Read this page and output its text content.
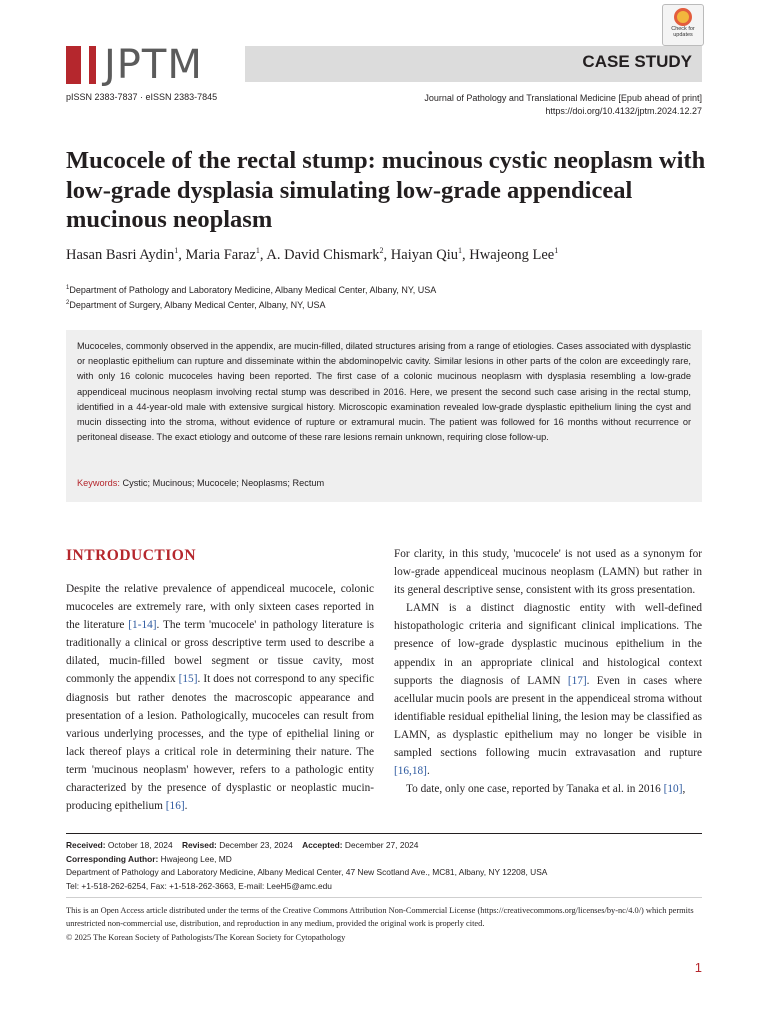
JPTM
Check for
updates
CASE STUDY
pISSN 2383-7837 · eISSN 2383-7845	Journal of Pathology and Translational Medicine [Epub ahead of print]
https://doi.org/10.4132/jptm.2024.12.27
Mucocele of the rectal stump: mucinous cystic neoplasm with low-grade dysplasia simulating low-grade appendiceal mucinous neoplasm
Hasan Basri Aydin$^1$, Maria Faraz$^1$, A. David Chismark$^2$, Haiyan Qiu$^1$, Hwajeong Lee$^1$
$^1$Department of Pathology and Laboratory Medicine, Albany Medical Center, Albany, NY, USA
$^2$Department of Surgery, Albany Medical Center, Albany, NY, USA

Mucoceles, commonly observed in the appendix, are mucin-filled, dilated structures arising from a range of etiologies. Cases associated with dysplastic or neoplastic epithelium can rupture and disseminate within the abdominopelvic cavity. Similar lesions in other parts of the colon are exceedingly rare, with only 16 colonic mucoceles having been reported. The first case of a colonic mucinous neoplasm with dysplasia resembling a low-grade appendiceal mucinous neoplasm involving rectal stump was described in 2016. Here, we present the second such case arising in the rectal stump, identified in a 44-year-old male with extensive surgical history. Microscopic examination revealed low-grade dysplastic epithelium lining the cyst and mucin dissecting into the stroma, without evidence of rupture or extramural mucin. The patient was followed for 16 months without recurrence or peritoneal disease. The exact etiology and outcome of these rare lesions remain unknown, requiring close follow-up.

Keywords: Cystic; Mucinous; Mucocele; Neoplasms; Rectum
INTRODUCTION

Despite the relative prevalence of appendiceal mucocele, colonic mucoceles are extremely rare, with only sixteen cases reported in the literature [1-14]. The term 'mucocele' in pathology literature is traditionally a clinical or gross descriptive term used to describe a dilated, mucin-filled bowel segment or tissue cavity, most commonly the appendix [15]. It does not correspond to any specific diagnosis but rather denotes the macroscopic appearance and presentation of a lesion. Pathologically, mucoceles can result from various underlying processes, and the type of epithelial lining or lack thereof plays a critical role in determining their nature. The term 'mucinous neoplasm' however, refers to a pathologic entity characterized by the presence of dysplastic or neoplastic mucin-producing epithelium [16].

For clarity, in this study, 'mucocele' is not used as a synonym for low-grade appendiceal mucinous neoplasm (LAMN) but rather in its general descriptive sense, consistent with its gross presentation.

LAMN is a distinct diagnostic entity with well-defined histopathologic criteria and significant clinical implications. The presence of low-grade dysplastic mucinous epithelium in the appendix in an appropriate clinical and histological context supports the diagnosis of LAMN [17]. Even in cases where acellular mucin pools are present in the appendiceal stroma without identifiable residual epithelial lining, the lesion may be classified as LAMN, as dysplastic epithelium may no longer be visible in sampled sections following mucin extravasation and rupture [16,18].

To date, only one case, reported by Tanaka et al. in 2016 [10],

Received: October 18, 2024 Revised: December 23, 2024 Accepted: December 27, 2024
Corresponding Author: Hwajeong Lee, MD
Department of Pathology and Laboratory Medicine, Albany Medical Center, 47 New Scotland Ave., MC81, Albany, NY 12208, USA
Tel: +1-518-262-6254, Fax: +1-518-262-3663, E-mail: LeeH5@amc.edu
This is an Open Access article distributed under the terms of the Creative Commons Attribution Non-Commercial License (https://creativecommons.org/licenses/by-nc/4.0/) which permits unrestricted non-commercial use, distribution, and reproduction in any medium, provided the original work is properly cited.
© 2025 The Korean Society of Pathologists/The Korean Society for Cytopathology
1
